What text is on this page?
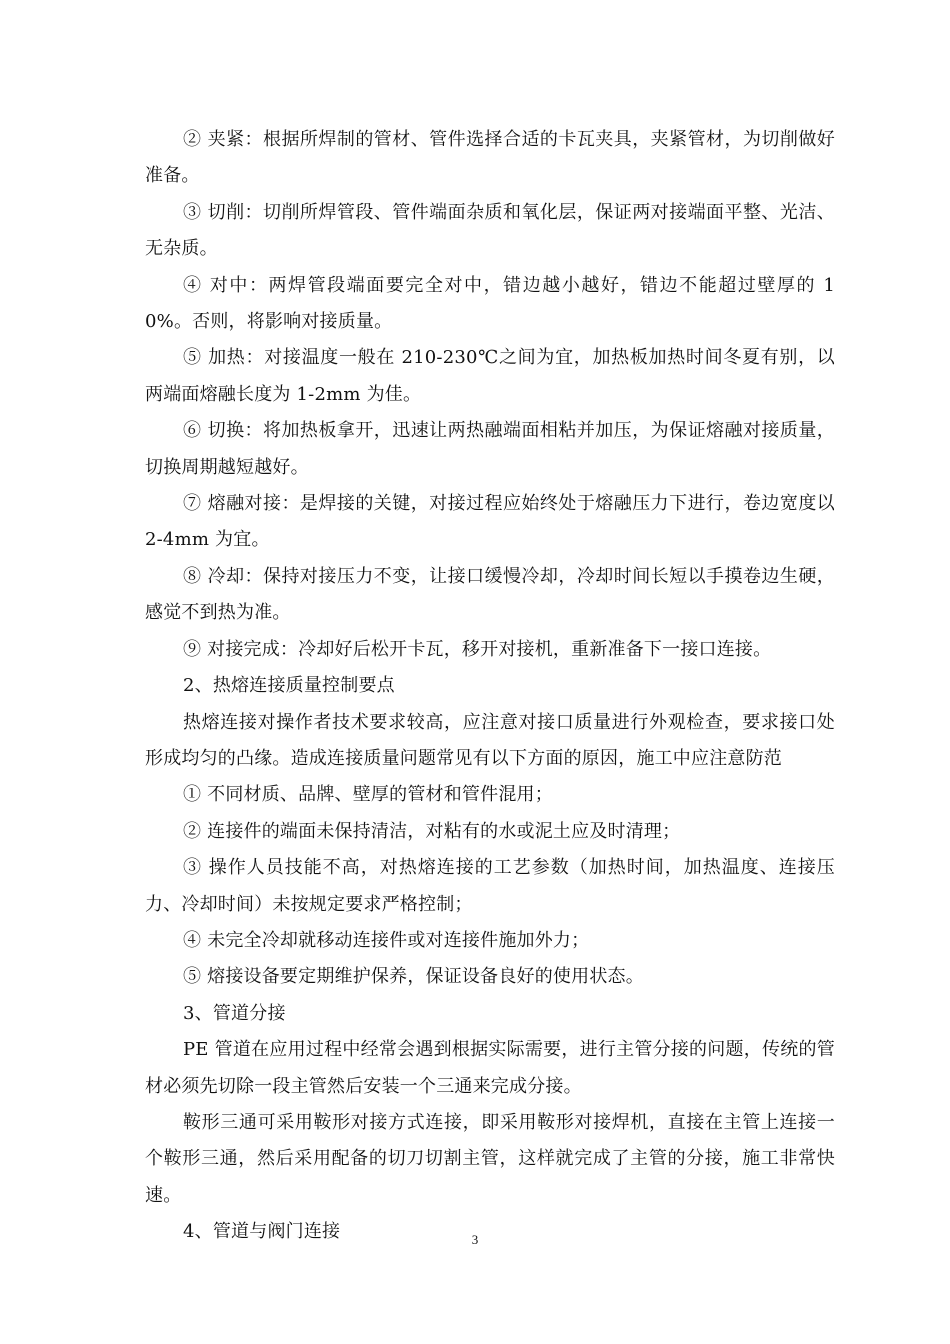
② 夹紧：根据所焊制的管材、管件选择合适的卡瓦夹具，夹紧管材，为切削做好准备。

③ 切削：切削所焊管段、管件端面杂质和氧化层，保证两对接端面平整、光洁、无杂质。

④ 对中：两焊管段端面要完全对中，错边越小越好，错边不能超过壁厚的 10%。否则，将影响对接质量。

⑤ 加热：对接温度一般在 210-230℃之间为宜，加热板加热时间冬夏有别，以两端面熔融长度为 1-2mm 为佳。

⑥ 切换：将加热板拿开，迅速让两热融端面相粘并加压，为保证熔融对接质量，切换周期越短越好。

⑦ 熔融对接：是焊接的关键，对接过程应始终处于熔融压力下进行，卷边宽度以 2-4mm 为宜。

⑧ 冷却：保持对接压力不变，让接口缓慢冷却，冷却时间长短以手摸卷边生硬，感觉不到热为准。

⑨ 对接完成：冷却好后松开卡瓦，移开对接机，重新准备下一接口连接。

2、热熔连接质量控制要点

热熔连接对操作者技术要求较高，应注意对接口质量进行外观检查，要求接口处形成均匀的凸缘。造成连接质量问题常见有以下方面的原因，施工中应注意防范

① 不同材质、品牌、壁厚的管材和管件混用；

② 连接件的端面未保持清洁，对粘有的水或泥土应及时清理；

③ 操作人员技能不高，对热熔连接的工艺参数（加热时间，加热温度、连接压力、冷却时间）未按规定要求严格控制；

④ 未完全冷却就移动连接件或对连接件施加外力；

⑤ 熔接设备要定期维护保养，保证设备良好的使用状态。

3、管道分接

PE 管道在应用过程中经常会遇到根据实际需要，进行主管分接的问题，传统的管材必须先切除一段主管然后安装一个三通来完成分接。

鞍形三通可采用鞍形对接方式连接，即采用鞍形对接焊机，直接在主管上连接一个鞍形三通，然后采用配备的切刀切割主管，这样就完成了主管的分接，施工非常快速。

4、管道与阀门连接	3
